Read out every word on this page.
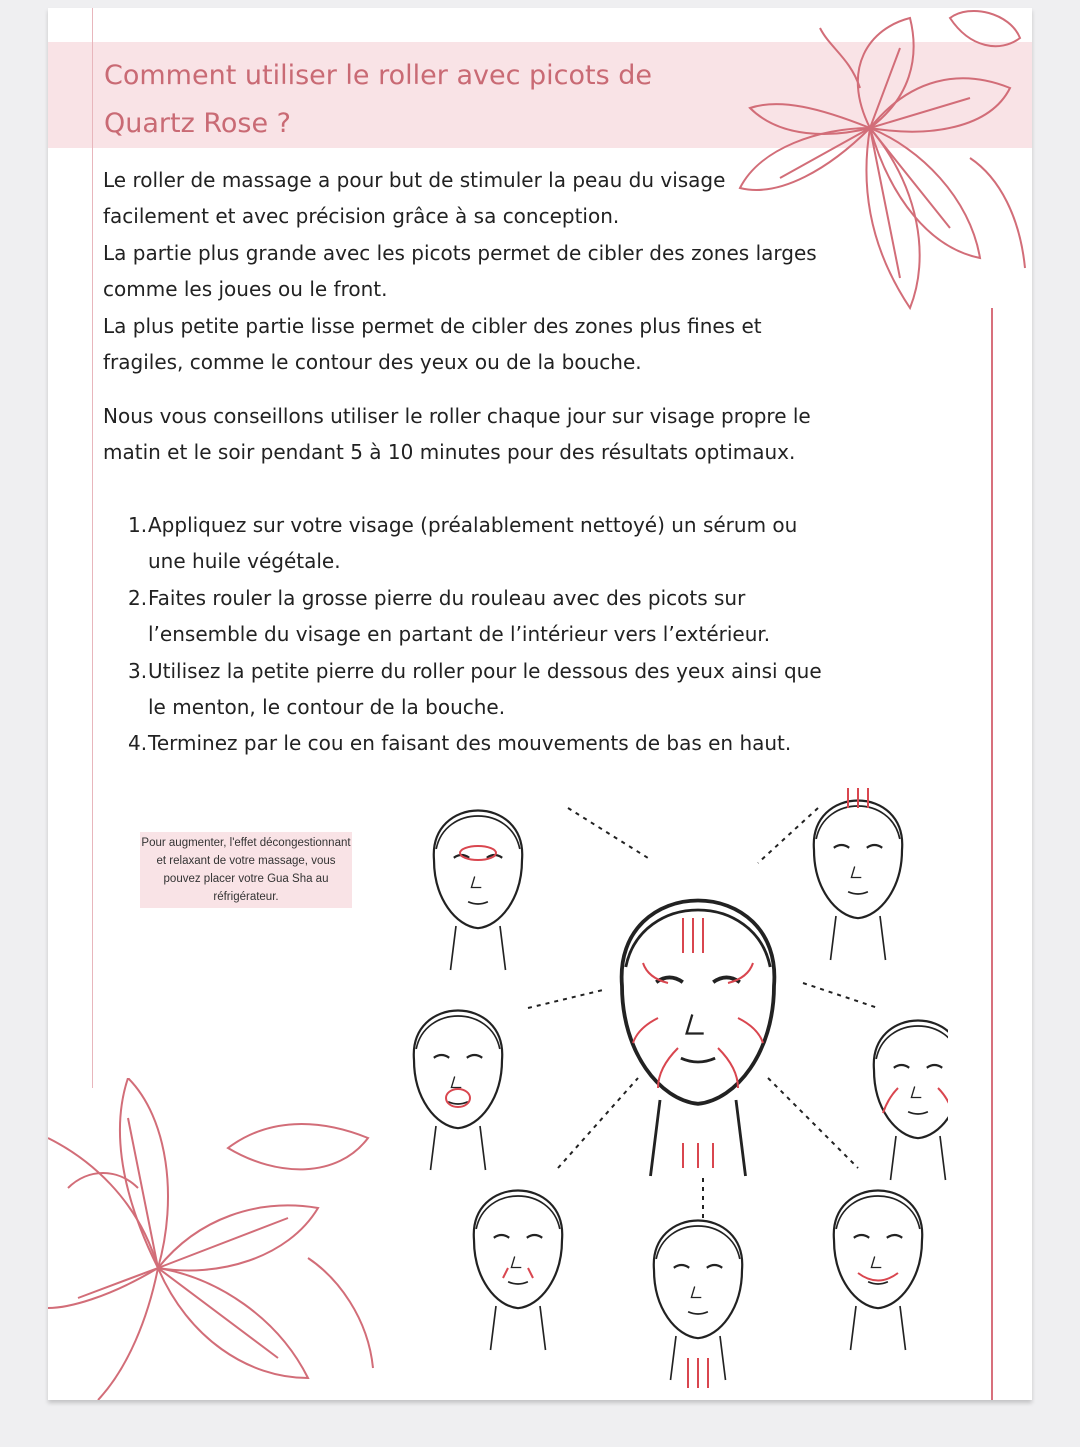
Comment utiliser le roller avec picots de Quartz Rose ?
Le roller de massage a pour but de stimuler la peau du visage facilement et avec précision grâce à sa conception.
La partie plus grande avec les picots permet de cibler des zones larges comme les joues ou le front.
La plus petite partie lisse permet de cibler des zones plus fines et fragiles, comme le contour des yeux ou de la bouche.
Nous vous conseillons utiliser le roller chaque jour sur visage propre le matin et le soir pendant 5 à 10 minutes pour des résultats optimaux.
1. Appliquez sur votre visage (préalablement nettoyé) un sérum ou une huile végétale.
2. Faites rouler la grosse pierre du rouleau avec des picots sur l’ensemble du visage en partant de l’intérieur vers l’extérieur.
3. Utilisez la petite pierre du roller pour le dessous des yeux ainsi que le menton, le contour de la bouche.
4. Terminez par le cou en faisant des mouvements de bas en haut.
Pour augmenter, l'effet décongestionnant et relaxant de votre massage, vous pouvez placer votre Gua Sha au réfrigérateur.
